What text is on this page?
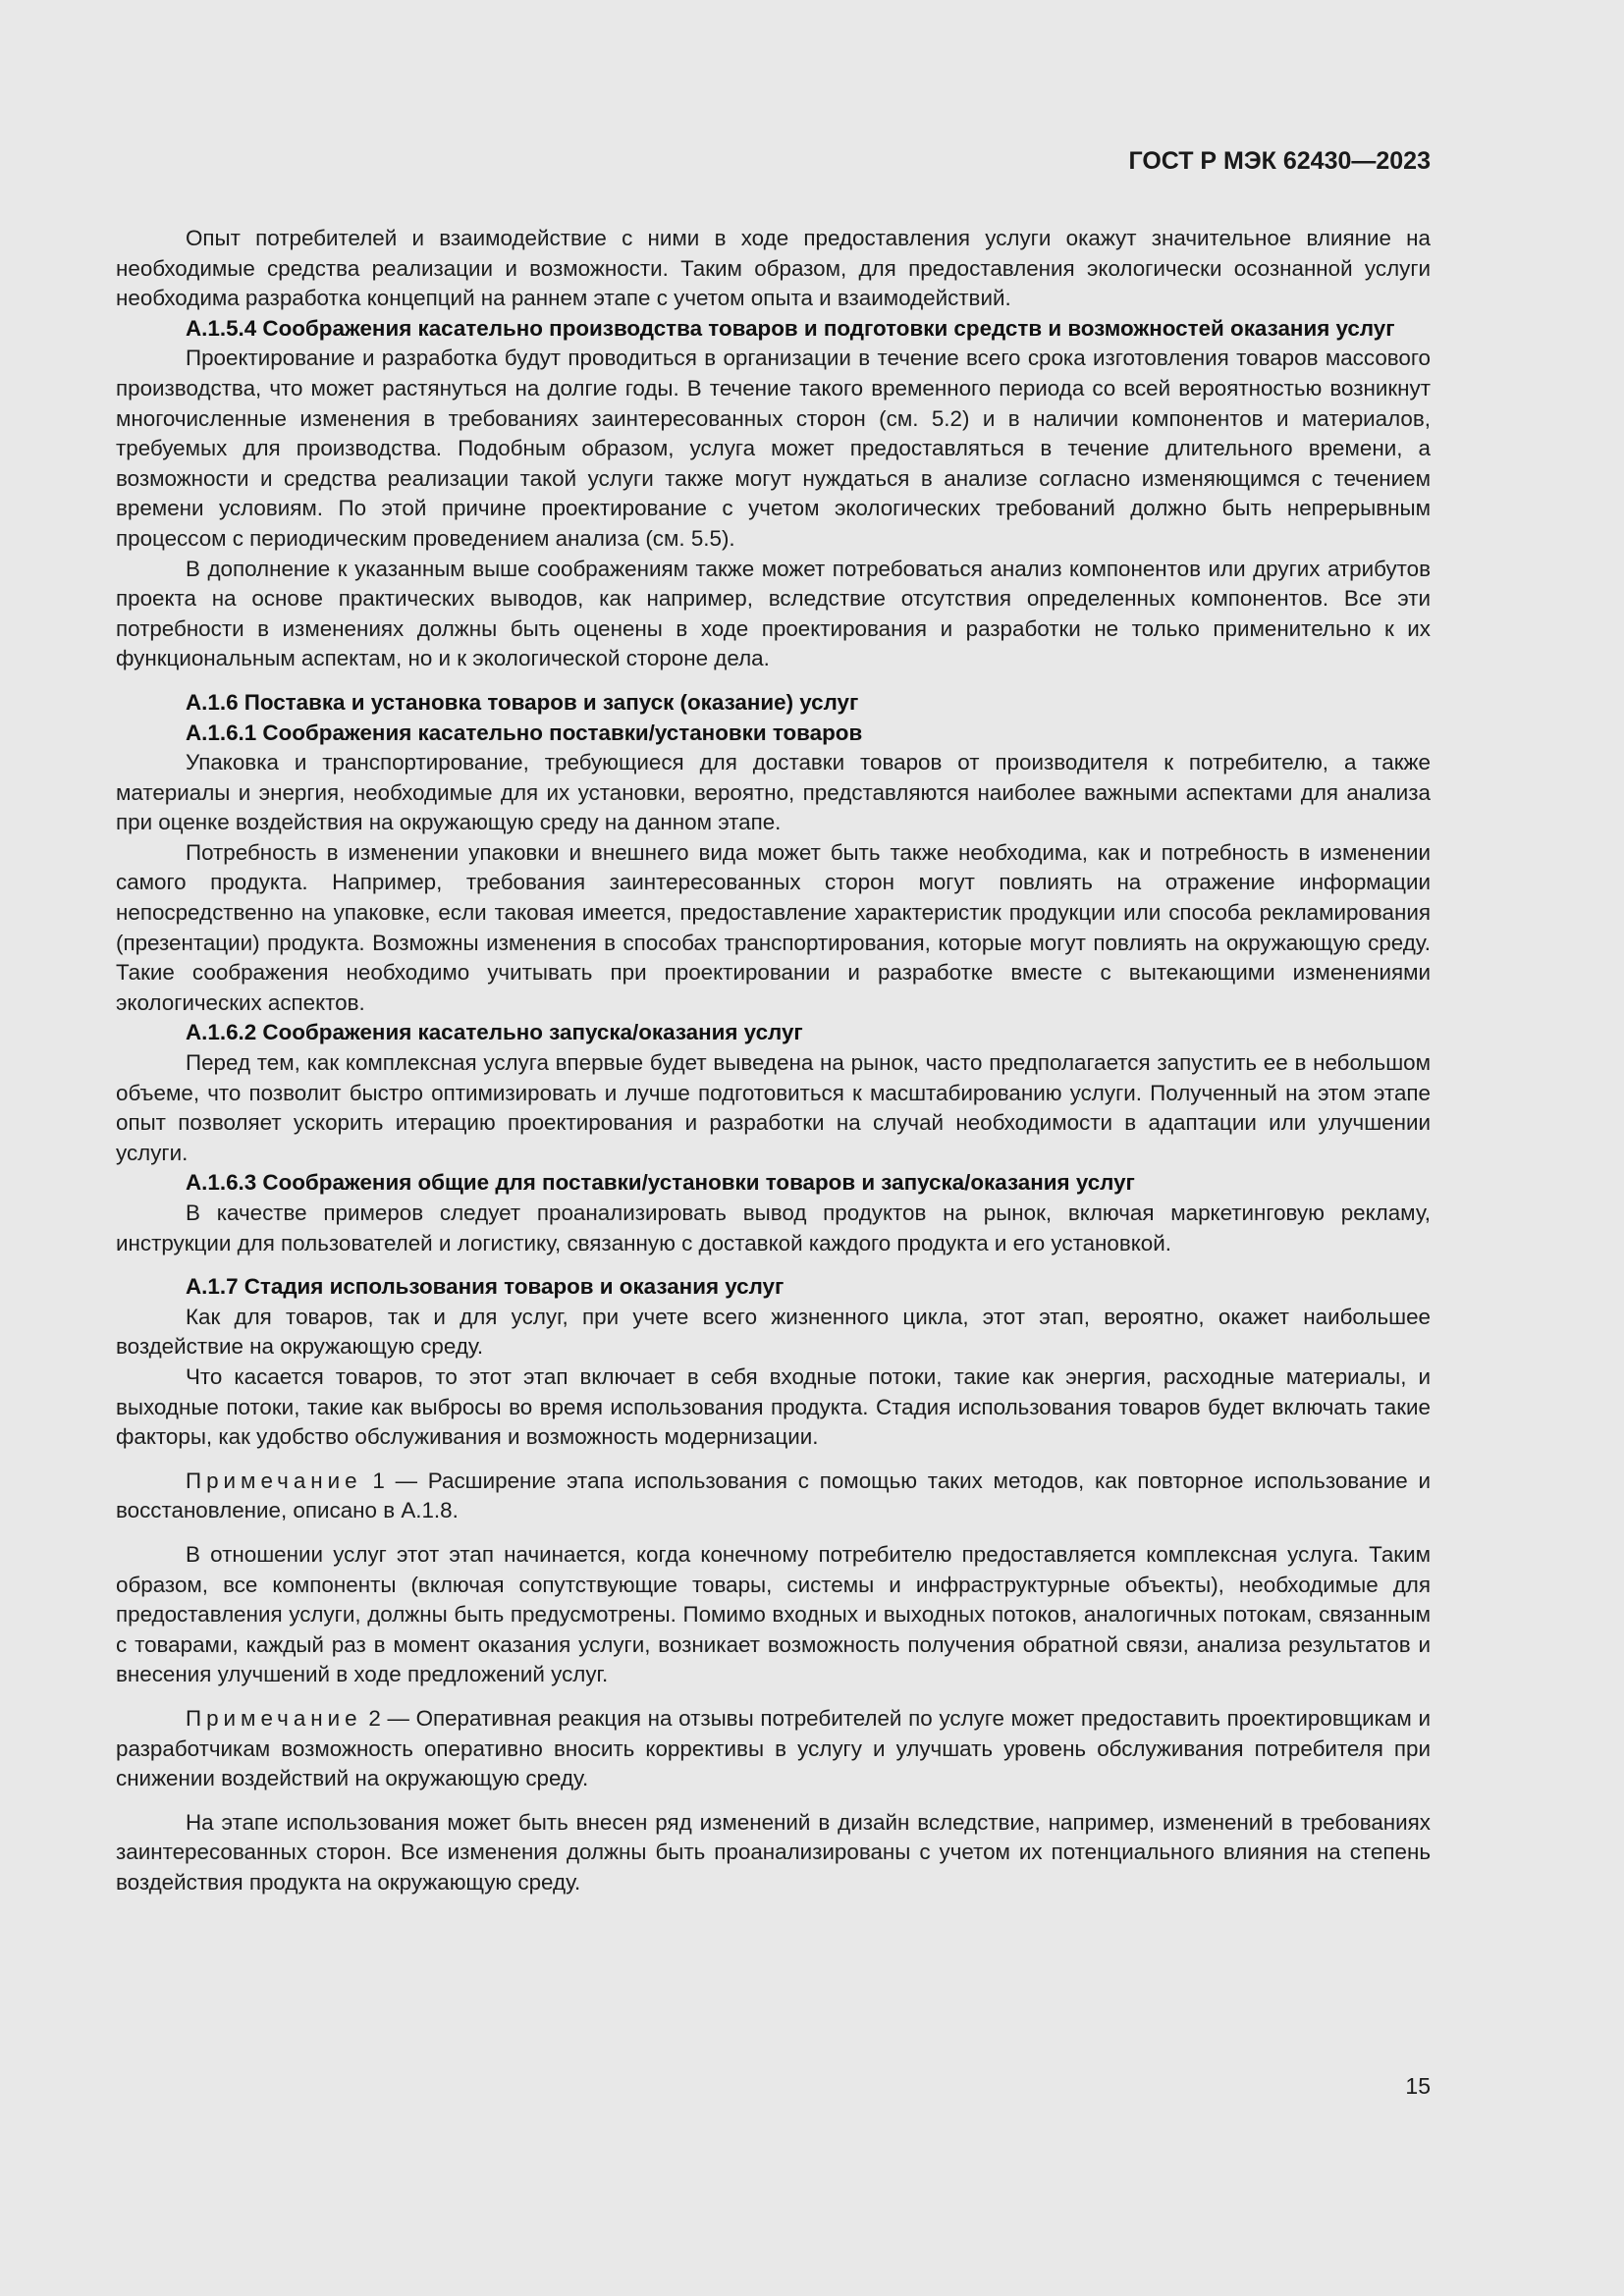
ГОСТ Р МЭК 62430—2023

Опыт потребителей и взаимодействие с ними в ходе предоставления услуги окажут значительное влияние на необходимые средства реализации и возможности. Таким образом, для предоставления экологически осознанной услуги необходима разработка концепций на раннем этапе с учетом опыта и взаимодействий.

А.1.5.4 Соображения касательно производства товаров и подготовки средств и возможностей оказания услуг

Проектирование и разработка будут проводиться в организации в течение всего срока изготовления товаров массового производства, что может растянуться на долгие годы. В течение такого временного периода со всей вероятностью возникнут многочисленные изменения в требованиях заинтересованных сторон (см. 5.2) и в наличии компонентов и материалов, требуемых для производства. Подобным образом, услуга может предоставляться в течение длительного времени, а возможности и средства реализации такой услуги также могут нуждаться в анализе согласно изменяющимся с течением времени условиям. По этой причине проектирование с учетом экологических требований должно быть непрерывным процессом с периодическим проведением анализа (см. 5.5).

В дополнение к указанным выше соображениям также может потребоваться анализ компонентов или других атрибутов проекта на основе практических выводов, как например, вследствие отсутствия определенных компонентов. Все эти потребности в изменениях должны быть оценены в ходе проектирования и разработки не только применительно к их функциональным аспектам, но и к экологической стороне дела.

А.1.6 Поставка и установка товаров и запуск (оказание) услуг
А.1.6.1 Соображения касательно поставки/установки товаров

Упаковка и транспортирование, требующиеся для доставки товаров от производителя к потребителю, а также материалы и энергия, необходимые для их установки, вероятно, представляются наиболее важными аспектами для анализа при оценке воздействия на окружающую среду на данном этапе.

Потребность в изменении упаковки и внешнего вида может быть также необходима, как и потребность в изменении самого продукта. Например, требования заинтересованных сторон могут повлиять на отражение информации непосредственно на упаковке, если таковая имеется, предоставление характеристик продукции или способа рекламирования (презентации) продукта. Возможны изменения в способах транспортирования, которые могут повлиять на окружающую среду. Такие соображения необходимо учитывать при проектировании и разработке вместе с вытекающими изменениями экологических аспектов.

А.1.6.2 Соображения касательно запуска/оказания услуг

Перед тем, как комплексная услуга впервые будет выведена на рынок, часто предполагается запустить ее в небольшом объеме, что позволит быстро оптимизировать и лучше подготовиться к масштабированию услуги. Полученный на этом этапе опыт позволяет ускорить итерацию проектирования и разработки на случай необходимости в адаптации или улучшении услуги.

А.1.6.3 Соображения общие для поставки/установки товаров и запуска/оказания услуг

В качестве примеров следует проанализировать вывод продуктов на рынок, включая маркетинговую рекламу, инструкции для пользователей и логистику, связанную с доставкой каждого продукта и его установкой.

А.1.7 Стадия использования товаров и оказания услуг

Как для товаров, так и для услуг, при учете всего жизненного цикла, этот этап, вероятно, окажет наибольшее воздействие на окружающую среду.

Что касается товаров, то этот этап включает в себя входные потоки, такие как энергия, расходные материалы, и выходные потоки, такие как выбросы во время использования продукта. Стадия использования товаров будет включать такие факторы, как удобство обслуживания и возможность модернизации.

Примечание 1 — Расширение этапа использования с помощью таких методов, как повторное использование и восстановление, описано в А.1.8.

В отношении услуг этот этап начинается, когда конечному потребителю предоставляется комплексная услуга. Таким образом, все компоненты (включая сопутствующие товары, системы и инфраструктурные объекты), необходимые для предоставления услуги, должны быть предусмотрены. Помимо входных и выходных потоков, аналогичных потокам, связанным с товарами, каждый раз в момент оказания услуги, возникает возможность получения обратной связи, анализа результатов и внесения улучшений в ходе предложений услуг.

Примечание 2 — Оперативная реакция на отзывы потребителей по услуге может предоставить проектировщикам и разработчикам возможность оперативно вносить коррективы в услугу и улучшать уровень обслуживания потребителя при снижении воздействий на окружающую среду.

На этапе использования может быть внесен ряд изменений в дизайн вследствие, например, изменений в требованиях заинтересованных сторон. Все изменения должны быть проанализированы с учетом их потенциального влияния на степень воздействия продукта на окружающую среду.

15
